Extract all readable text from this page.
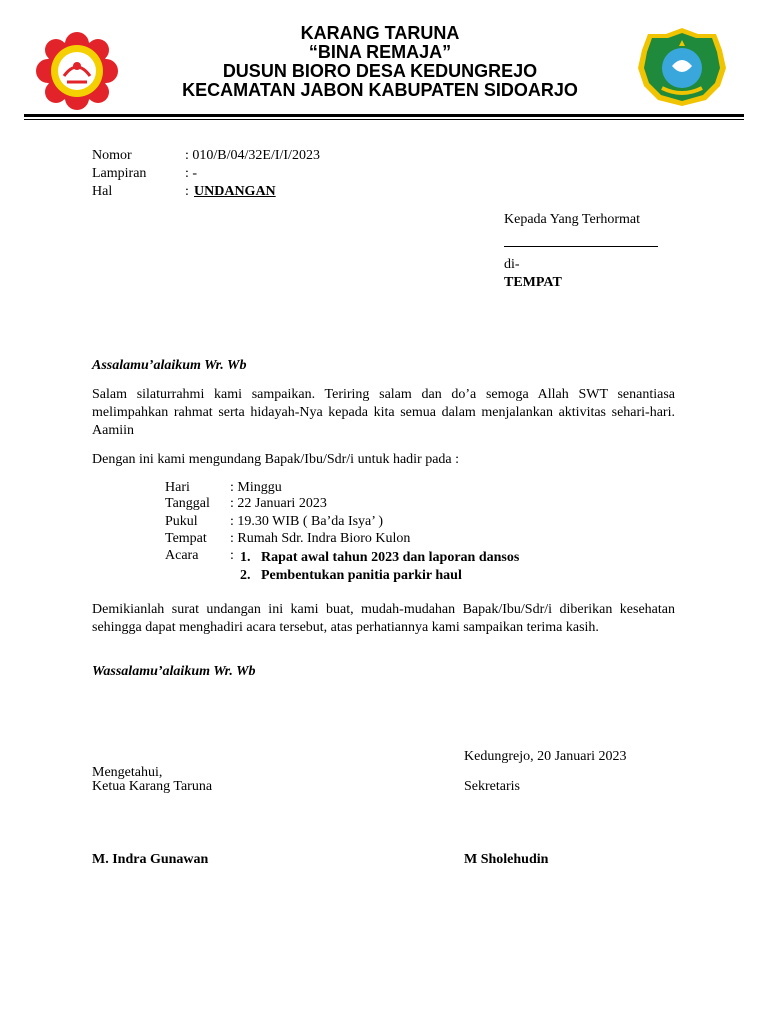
KARANG TARUNA
“BINA REMAJA”
DUSUN BIORO DESA KEDUNGREJO
KECAMATAN JABON KABUPATEN SIDOARJO
Nomor	: 010/B/04/32E/I/I/2023
Lampiran	: -
Hal	: UNDANGAN
Kepada Yang Terhormat
di-
TEMPAT
Assalamu’alaikum Wr. Wb
Salam silaturrahmi kami sampaikan. Teriring salam dan do’a semoga Allah SWT senantiasa melimpahkan rahmat serta hidayah-Nya kepada kita semua dalam menjalankan aktivitas sehari-hari. Aamiin
Dengan ini kami mengundang Bapak/Ibu/Sdr/i untuk hadir pada :
Hari	: Minggu
Tanggal : 22 Januari 2023
Pukul : 19.30 WIB ( Ba’da Isya’ )
Tempat : Rumah Sdr. Indra Bioro Kulon
Acara : 1.   Rapat awal tahun 2023 dan laporan dansos
2.   Pembentukan panitia parkir haul
Demikianlah surat undangan ini kami buat, mudah-mudahan Bapak/Ibu/Sdr/i diberikan kesehatan sehingga dapat menghadiri acara tersebut, atas perhatiannya kami sampaikan terima kasih.
Wassalamu’alaikum Wr. Wb
Kedungrejo, 20 Januari 2023
Mengetahui,
Ketua Karang Taruna	Sekretaris
M. Indra Gunawan	M Sholehudin
